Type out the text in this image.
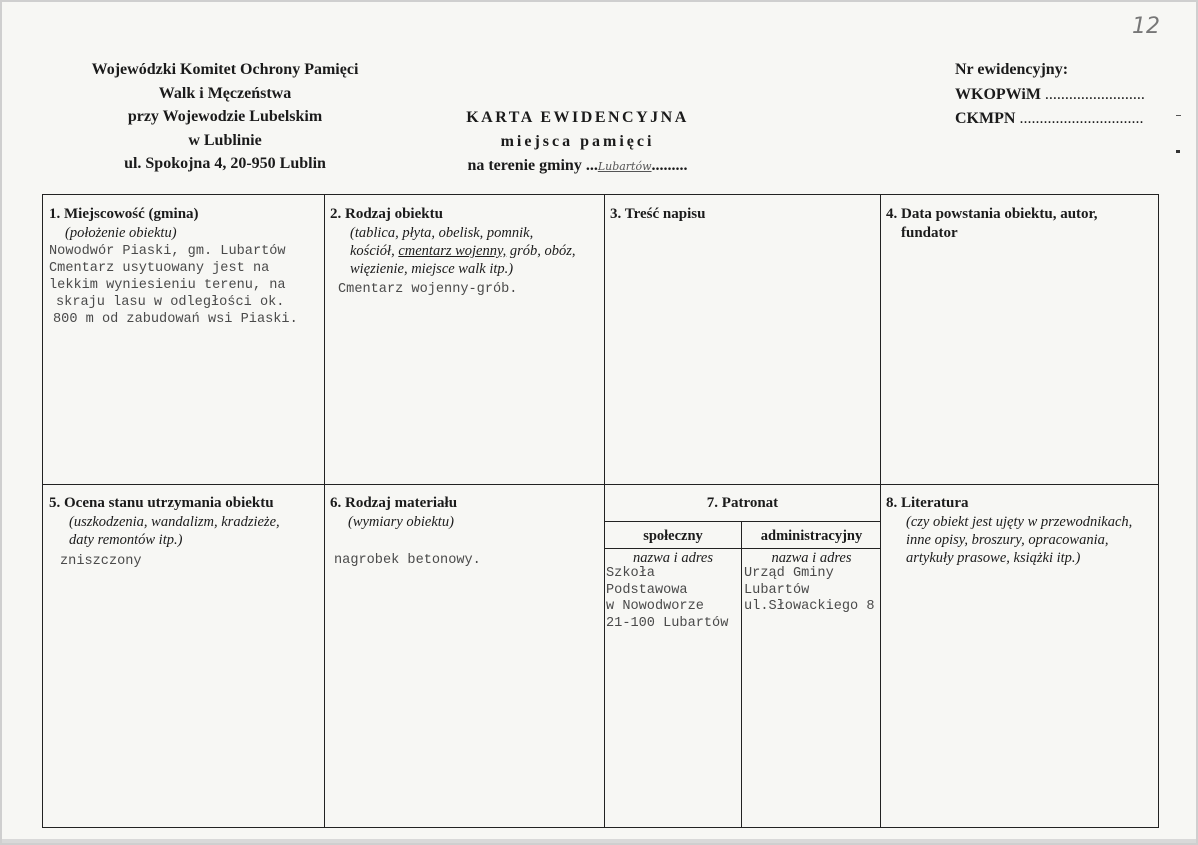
12
Wojewódzki Komitet Ochrony Pamięci
Walk i Męczeństwa
przy Wojewodzie Lubelskim
w Lublinie
ul. Spokojna 4, 20-950 Lublin
KARTA EWIDENCYJNA
miejsca pamięci
na terenie gminy ...Lubartów.........
Nr ewidencyjny:
WKOPWiM .........................
CKMPN ...............................
1. Miejscowość (gmina)
(położenie obiektu)
Nowodwór Piaski, gm. Lubartów
Cmentarz usytuowany jest na
lekkim wyniesieniu terenu, na
skraju lasu w odległości ok.
800 m od zabudowań wsi Piaski.
2. Rodzaj obiektu
(tablica, płyta, obelisk, pomnik,
kościół, cmentarz wojenny, grób, obóz,
więzienie, miejsce walk itp.)
Cmentarz wojenny-grób.
3. Treść napisu	4. Data powstania obiektu, autor,
fundator
5. Ocena stanu utrzymania obiektu
(uszkodzenia, wandalizm, kradzieże,
daty remontów itp.)
zniszczony
6. Rodzaj materiału
(wymiary obiektu)
nagrobek betonowy.
7. Patronat
społeczny	administracyjny
nazwa i adres
Szkoła
Podstawowa
w Nowodworze
21-100 Lubartów
nazwa i adres
Urząd Gminy
Lubartów
ul.Słowackiego 8
8. Literatura
(czy obiekt jest ujęty w przewodnikach,
inne opisy, broszury, opracowania,
artykuły prasowe, książki itp.)
